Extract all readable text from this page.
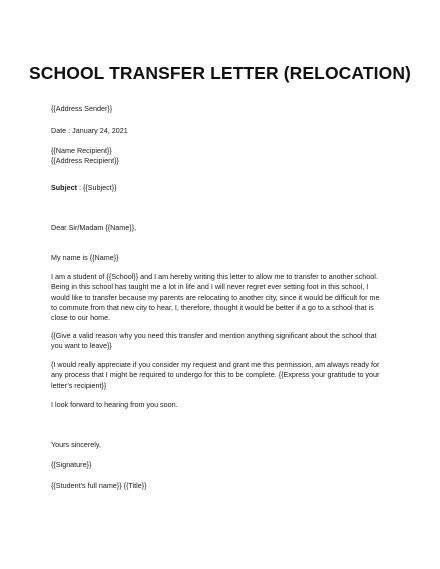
SCHOOL TRANSFER LETTER (RELOCATION)

{{Address Sender}}

Date : January 24, 2021

{{Name Recipient}}
{{Address Recipient}}

Subject : {{Subject}}

Dear Sir/Madam {{Name}},

My name is {{Name}}

I am a student of {{School}} and I am hereby writing this letter to allow me to transfer to another school.
Being in this school has taught me a lot in life and I will never regret ever setting foot in this school, I
would like to transfer because my parents are relocating to another city, since it would be difficult for me
to commute from that new city to hear, I, therefore, thought it would be better if a go to a school that is
close to our home.

{{Give a valid reason why you need this transfer and mention anything significant about the school that
you want to leave}}

{I would really appreciate if you consider my request and grant me this permission, am always ready for
any process that I might be required to undergo for this to be complete. {{Express your gratitude to your
letter’s recipient}}

I look forward to hearing from you soon.

Yours sincerely,

{{Signature}}

{{Student’s full name}} {{Title}}
